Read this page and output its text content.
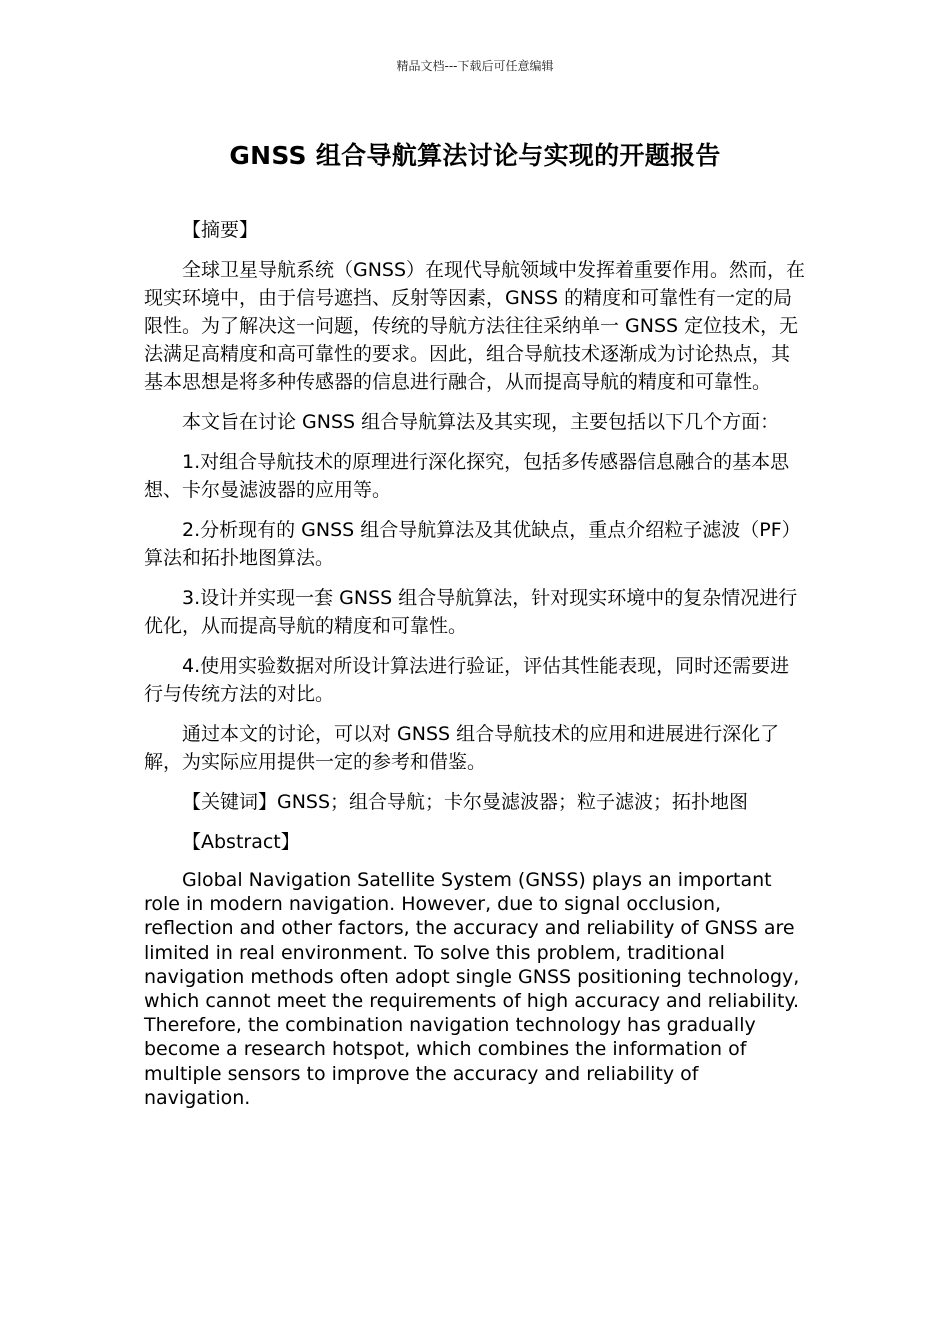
精品文档---下载后可任意编辑
GNSS 组合导航算法讨论与实现的开题报告

【摘要】

全球卫星导航系统（GNSS）在现代导航领域中发挥着重要作用。然而，在现实环境中，由于信号遮挡、反射等因素，GNSS 的精度和可靠性有一定的局限性。为了解决这一问题，传统的导航方法往往采纳单一 GNSS 定位技术，无法满足高精度和高可靠性的要求。因此，组合导航技术逐渐成为讨论热点，其基本思想是将多种传感器的信息进行融合，从而提高导航的精度和可靠性。

本文旨在讨论 GNSS 组合导航算法及其实现，主要包括以下几个方面：

1.对组合导航技术的原理进行深化探究，包括多传感器信息融合的基本思想、卡尔曼滤波器的应用等。

2.分析现有的 GNSS 组合导航算法及其优缺点，重点介绍粒子滤波（PF）算法和拓扑地图算法。

3.设计并实现一套 GNSS 组合导航算法，针对现实环境中的复杂情况进行优化，从而提高导航的精度和可靠性。

4.使用实验数据对所设计算法进行验证，评估其性能表现，同时还需要进行与传统方法的对比。

通过本文的讨论，可以对 GNSS 组合导航技术的应用和进展进行深化了解，为实际应用提供一定的参考和借鉴。

【关键词】GNSS；组合导航；卡尔曼滤波器；粒子滤波；拓扑地图

【Abstract】

Global Navigation Satellite System (GNSS) plays an important role in modern navigation. However, due to signal occlusion, reflection and other factors, the accuracy and reliability of GNSS are limited in real environment. To solve this problem, traditional navigation methods often adopt single GNSS positioning technology, which cannot meet the requirements of high accuracy and reliability. Therefore, the combination navigation technology has gradually become a research hotspot, which combines the information of multiple sensors to improve the accuracy and reliability of navigation.
